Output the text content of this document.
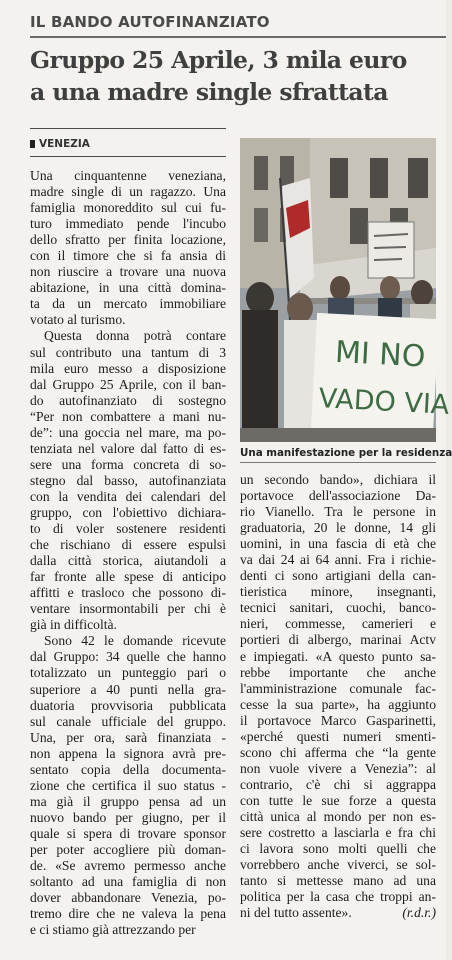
IL BANDO AUTOFINANZIATO
Gruppo 25 Aprile, 3 mila euro
a una madre single sfrattata
VENEZIA
Una cinquantenne veneziana,
madre single di un ragazzo. Una
famiglia monoreddito sul cui fu-
turo immediato pende l'incubo
dello sfratto per finita locazione,
con il timore che si fa ansia di
non riuscire a trovare una nuova
abitazione, in una città domina-
ta da un mercato immobiliare
votato al turismo.
Questa donna potrà contare
sul contributo una tantum di 3
mila euro messo a disposizione
dal Gruppo 25 Aprile, con il ban-
do autofinanziato di sostegno
“Per non combattere a mani nu-
de”: una goccia nel mare, ma po-
tenziata nel valore dal fatto di es-
sere una forma concreta di so-
stegno dal basso, autofinanziata
con la vendita dei calendari del
gruppo, con l'obiettivo dichiara-
to di voler sostenere residenti
che rischiano di essere espulsi
dalla città storica, aiutandoli a
far fronte alle spese di anticipo
affitti e trasloco che possono di-
ventare insormontabili per chi è
già in difficoltà.
Sono 42 le domande ricevute
dal Gruppo: 34 quelle che hanno
totalizzato un punteggio pari o
superiore a 40 punti nella gra-
duatoria provvisoria pubblicata
sul canale ufficiale del gruppo.
Una, per ora, sarà finanziata -
non appena la signora avrà pre-
sentato copia della documenta-
zione che certifica il suo status -
ma già il gruppo pensa ad un
nuovo bando per giugno, per il
quale si spera di trovare sponsor
per poter accogliere più doman-
de. «Se avremo permesso anche
soltanto ad una famiglia di non
dover abbandonare Venezia, po-
tremo dire che ne valeva la pena
e ci stiamo già attrezzando per
MI NO
VADO VIA
Una manifestazione per la residenza
un secondo bando», dichiara il
portavoce dell'associazione Da-
rio Vianello. Tra le persone in
graduatoria, 20 le donne, 14 gli
uomini, in una fascia di età che
va dai 24 ai 64 anni. Fra i richie-
denti ci sono artigiani della can-
tieristica minore, insegnanti,
tecnici sanitari, cuochi, banco-
nieri, commesse, camerieri e
portieri di albergo, marinai Actv
e impiegati. «A questo punto sa-
rebbe importante che anche
l'amministrazione comunale fac-
cesse la sua parte», ha aggiunto
il portavoce Marco Gasparinetti,
«perché questi numeri smenti-
scono chi afferma che “la gente
non vuole vivere a Venezia”: al
contrario, c'è chi si aggrappa
con tutte le sue forze a questa
città unica al mondo per non es-
sere costretto a lasciarla e fra chi
ci lavora sono molti quelli che
vorrebbero anche viverci, se sol-
tanto si mettesse mano ad una
politica per la casa che troppi an-
ni del tutto assente».	(r.d.r.)
